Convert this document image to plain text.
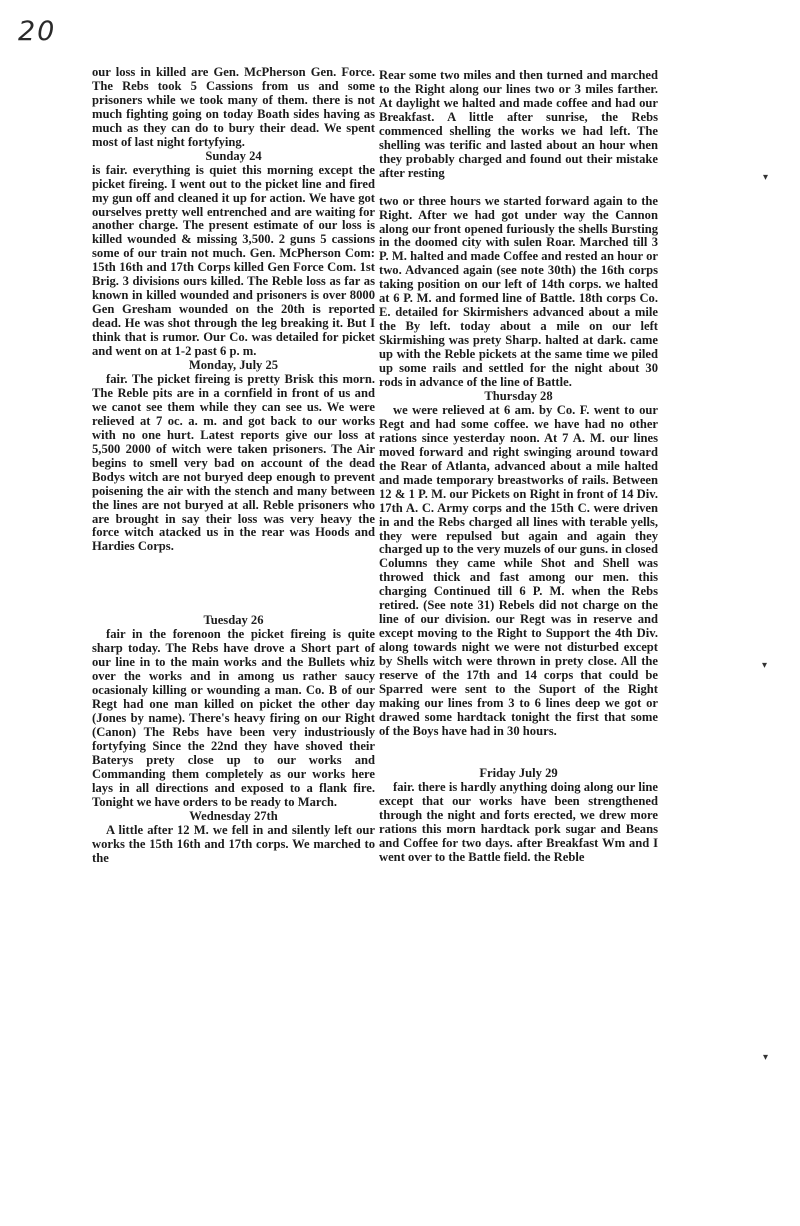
20

our loss in killed are Gen. McPherson Gen. Force. The Rebs took 5 Cassions from us and some prisoners while we took many of them. there is not much fighting going on today Boath sides having as much as they can do to bury their dead. We spent most of last night fortyfying.

Sunday 24

is fair. everything is quiet this morning except the picket fireing. I went out to the picket line and fired my gun off and cleaned it up for action. We have got ourselves pretty well entrenched and are waiting for another charge. The present estimate of our loss is killed wounded & missing 3,500. 2 guns 5 cassions some of our train not much. Gen. McPherson Com: 15th 16th and 17th Corps killed Gen Force Com. 1st Brig. 3 divisions ours killed. The Reble loss as far as known in killed wounded and prisoners is over 8000 Gen Gresham wounded on the 20th is reported dead. He was shot through the leg breaking it. But I think that is rumor. Our Co. was detailed for picket and went on at 1-2 past 6 p. m.

Monday, July 25

fair. The picket fireing is pretty Brisk this morn. The Reble pits are in a cornfield in front of us and we canot see them while they can see us. We were relieved at 7 oc. a. m. and got back to our works with no one hurt. Latest reports give our loss at 5,500 2000 of witch were taken prisoners. The Air begins to smell very bad on account of the dead Bodys witch are not buryed deep enough to prevent poisening the air with the stench and many between the lines are not buryed at all. Reble prisoners who are brought in say their loss was very heavy the force witch atacked us in the rear was Hoods and Hardies Corps.

Tuesday 26

fair in the forenoon the picket fireing is quite sharp today. The Rebs have drove a Short part of our line in to the main works and the Bullets whiz over the works and in among us rather saucy ocasionaly killing or wounding a man. Co. B of our Regt had one man killed on picket the other day (Jones by name). There's heavy firing on our Right (Canon) The Rebs have been very industriously fortyfying Since the 22nd they have shoved their Baterys prety close up to our works and Commanding them completely as our works here lays in all directions and exposed to a flank fire. Tonight we have orders to be ready to March.

Wednesday 27th

A little after 12 M. we fell in and silently left our works the 15th 16th and 17th corps. We marched to the

Rear some two miles and then turned and marched to the Right along our lines two or 3 miles farther. At daylight we halted and made coffee and had our Breakfast. A little after sunrise, the Rebs commenced shelling the works we had left. The shelling was terific and lasted about an hour when they probably charged and found out their mistake after resting

two or three hours we started forward again to the Right. After we had got under way the Cannon along our front opened furiously the shells Bursting in the doomed city with sulen Roar. Marched till 3 P. M. halted and made Coffee and rested an hour or two. Advanced again (see note 30th) the 16th corps taking position on our left of 14th corps. we halted at 6 P. M. and formed line of Battle. 18th corps Co. E. detailed for Skirmishers advanced about a mile the By left. today about a mile on our left Skirmishing was prety Sharp. halted at dark. came up with the Reble pickets at the same time we piled up some rails and settled for the night about 30 rods in advance of the line of Battle.

Thursday 28

we were relieved at 6 am. by Co. F. went to our Regt and had some coffee. we have had no other rations since yesterday noon. At 7 A. M. our lines moved forward and right swinging around toward the Rear of Atlanta, advanced about a mile halted and made temporary breastworks of rails. Between 12 & 1 P. M. our Pickets on Right in front of 14 Div. 17th A. C. Army corps and the 15th C. were driven in and the Rebs charged all lines with terable yells, they were repulsed but again and again they charged up to the very muzels of our guns. in closed Columns they came while Shot and Shell was throwed thick and fast among our men. this charging Continued till 6 P. M. when the Rebs retired. (See note 31) Rebels did not charge on the line of our division. our Regt was in reserve and except moving to the Right to Support the 4th Div. along towards night we were not disturbed except by Shells witch were thrown in prety close. All the reserve of the 17th and 14 corps that could be Sparred were sent to the Suport of the Right making our lines from 3 to 6 lines deep we got or drawed some hardtack tonight the first that some of the Boys have had in 30 hours.

Friday July 29

fair. there is hardly anything doing along our line except that our works have been strengthened through the night and forts erected, we drew more rations this morn hardtack pork sugar and Beans and Coffee for two days. after Breakfast Wm and I went over to the Battle field. the Reble

▾
▾
▾
